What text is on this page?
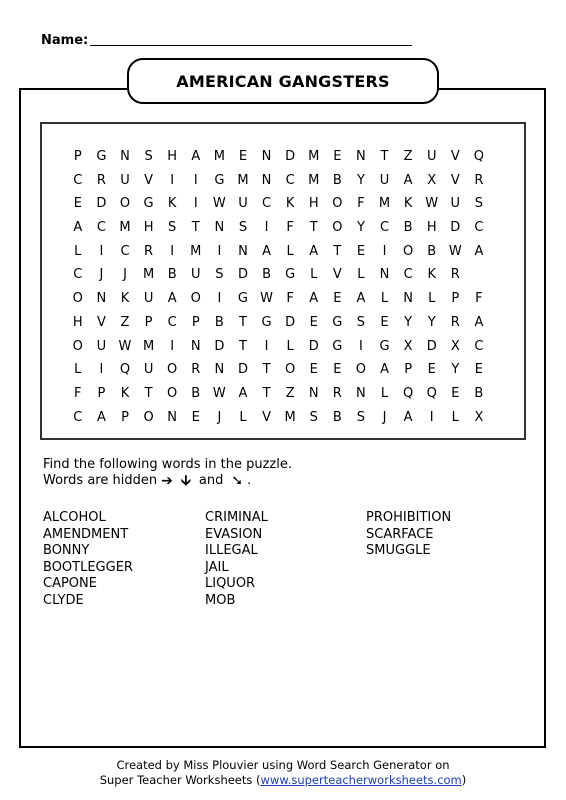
Name:
AMERICAN GANGSTERS
P	G	N	S	H	A	M	E	N	D M	E	N	T	Z	U	V	Q
C	R	U	V	I	I	G M	N	C	M	B	Y	U	A	X	V	R
E	D	O	G	K	I	W U	C	K	H	O	F	M	K W U	S
A	C	M	H	S	T	N	S	I	F	T	O	Y	C	B	H	D	C
L	I	C	R	I	M	I	N	A	L	A	T	E	I	O	B W A
C	J	J	M	B	U	S	D	B	G	L	V	L	N	C	K	R
O	N	K	U	A	O	I	G W	F	A	E	A	L	N	L	P	F
H	V	Z	P	C	P	B	T	G	D	E	G	S	E	Y	Y	R	A
O	U W M	I	N	D	T	I	L	D	G	I	G	X	D	X	C
L	I	Q	U	O	R	N	D	T	O	E	E	O	A	P	E	Y	E
F	P	K	T	O	B W A	T	Z	N	R	N	L	Q	Q	E	B
C	A	P	O	N	E	J	L	V	M	S	B	S	J	A	I	L	X
Find the following words in the puzzle.
Words are hidden ➔ 🡫 and ➘ .
ALCOHOL
AMENDMENT
BONNY
BOOTLEGGER
CAPONE
CLYDE
CRIMINAL
EVASION
ILLEGAL
JAIL
LIQUOR
MOB
PROHIBITION
SCARFACE
SMUGGLE
Created by Miss Plouvier using Word Search Generator on
Super Teacher Worksheets (www.superteacherworksheets.com)
